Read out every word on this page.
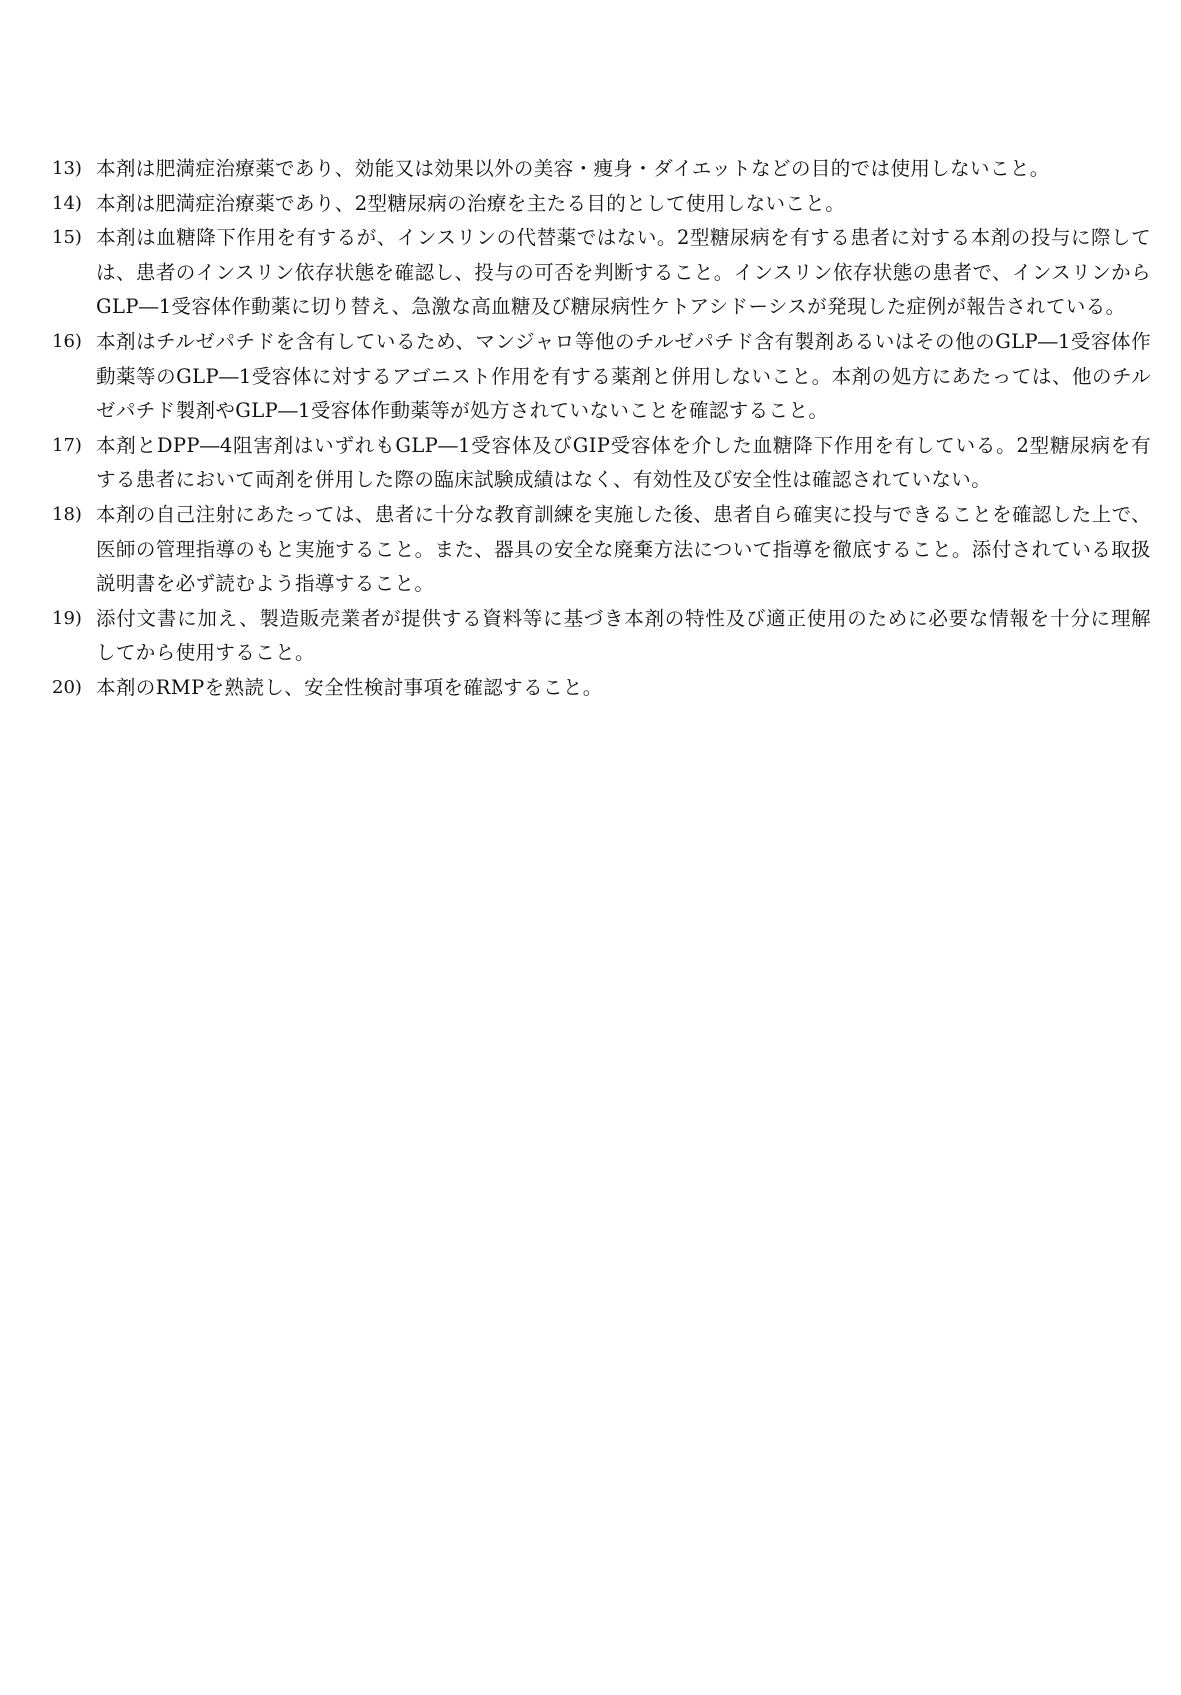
13) 本剤は肥満症治療薬であり、効能又は効果以外の美容・痩身・ダイエットなどの目的では使用しないこと。
14) 本剤は肥満症治療薬であり、2型糖尿病の治療を主たる目的として使用しないこと。
15) 本剤は血糖降下作用を有するが、インスリンの代替薬ではない。2型糖尿病を有する患者に対する本剤の投与に際しては、患者のインスリン依存状態を確認し、投与の可否を判断すること。インスリン依存状態の患者で、インスリンからGLP―1受容体作動薬に切り替え、急激な高血糖及び糖尿病性ケトアシドーシスが発現した症例が報告されている。
16) 本剤はチルゼパチドを含有しているため、マンジャロ等他のチルゼパチド含有製剤あるいはその他のGLP―1受容体作動薬等のGLP―1受容体に対するアゴニスト作用を有する薬剤と併用しないこと。本剤の処方にあたっては、他のチルゼパチド製剤やGLP―1受容体作動薬等が処方されていないことを確認すること。
17) 本剤とDPP―4阻害剤はいずれもGLP―1受容体及びGIP受容体を介した血糖降下作用を有している。2型糖尿病を有する患者において両剤を併用した際の臨床試験成績はなく、有効性及び安全性は確認されていない。
18) 本剤の自己注射にあたっては、患者に十分な教育訓練を実施した後、患者自ら確実に投与できることを確認した上で、医師の管理指導のもと実施すること。また、器具の安全な廃棄方法について指導を徹底すること。添付されている取扱説明書を必ず読むよう指導すること。
19) 添付文書に加え、製造販売業者が提供する資料等に基づき本剤の特性及び適正使用のために必要な情報を十分に理解してから使用すること。
20) 本剤のRMPを熟読し、安全性検討事項を確認すること。
